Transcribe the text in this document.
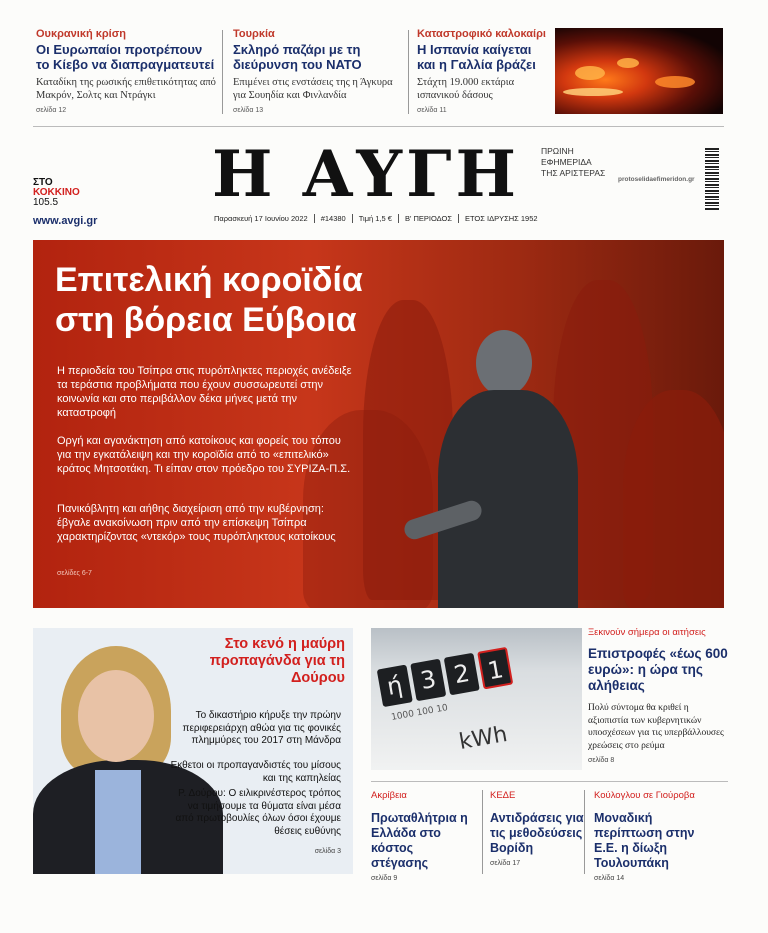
Ουκρανική κρίση
Οι Ευρωπαίοι προτρέπουν το Κίεβο να διαπραγματευτεί
Καταδίκη της ρωσικής επιθετικότητας από Μακρόν, Σολτς και Ντράγκι
σελίδα 12
Τουρκία
Σκληρό παζάρι με τη διεύρυνση του ΝΑΤΟ
Επιμένει στις ενστάσεις της η Άγκυρα για Σουηδία και Φινλανδία
σελίδα 13
Καταστροφικό καλοκαίρι
Η Ισπανία καίγεται και η Γαλλία βράζει
Στάχτη 19.000 εκτάρια ισπανικού δάσους
σελίδα 11
ΣΤΟ
ΚΟΚΚΙΝΟ
105.5
www.avgi.gr
Η ΑΥΓΗ ΠΡΩΙΝΗ
ΕΦΗΜΕΡΙΔΑ
ΤΗΣ ΑΡΙΣΤΕΡΑΣ
Παρασκευή 17 Ιουνίου 2022	#14380	Τιμή 1,5 €	Β' ΠΕΡΙΟΔΟΣ	ΕΤΟΣ ΙΔΡΥΣΗΣ 1952
protoselidaefimeridon.gr
Επιτελική κοροϊδία
στη βόρεια Εύβοια
Η περιοδεία του Τσίπρα στις πυρόπληκτες περιοχές ανέδειξε τα τεράστια προβλήματα που έχουν συσσωρευτεί στην κοινωνία και στο περιβάλλον δέκα μήνες μετά την καταστροφή
Οργή και αγανάκτηση από κατοίκους και φορείς του τόπου για την εγκατάλειψη και την κοροϊδία από το «επιτελικό» κράτος Μητσοτάκη. Τι είπαν στον πρόεδρο του ΣΥΡΙΖΑ-Π.Σ.
Πανικόβλητη και αήθης διαχείριση από την κυβέρνηση: έβγαλε ανακοίνωση πριν από την επίσκεψη Τσίπρα χαρακτηρίζοντας «ντεκόρ» τους πυρόπληκτους κατοίκους
σελίδες 6-7
Στο κενό η μαύρη προπαγάνδα για τη Δούρου
Το δικαστήριο κήρυξε την πρώην περιφερειάρχη αθώα για τις φονικές πλημμύρες του 2017 στη Μάνδρα
Εκθετοι οι προπαγανδιστές του μίσους και της καπηλείας
Ρ. Δούρου: Ο ειλικρινέστερος τρόπος να τιμήσουμε τα θύματα είναι μέσα από πρωτοβουλίες όλων όσοι έχουμε θέσεις ευθύνης
σελίδα 3
ή 3 2 1
1000 100 10
kWh
Ξεκινούν σήμερα οι αιτήσεις
Επιστροφές «έως 600 ευρώ»: η ώρα της αλήθειας
Πολύ σύντομα θα κριθεί η αξιοπιστία των κυβερνητικών υποσχέσεων για τις υπερβάλλουσες χρεώσεις στο ρεύμα
σελίδα 8
Ακρίβεια
Πρωταθλήτρια η Ελλάδα στο κόστος στέγασης
σελίδα 9
ΚΕΔΕ
Αντιδράσεις για τις μεθοδεύσεις Βορίδη
σελίδα 17
Κούλογλου σε Γιούροβα
Μοναδική περίπτωση στην Ε.Ε. η δίωξη Τουλουπάκη
σελίδα 14
